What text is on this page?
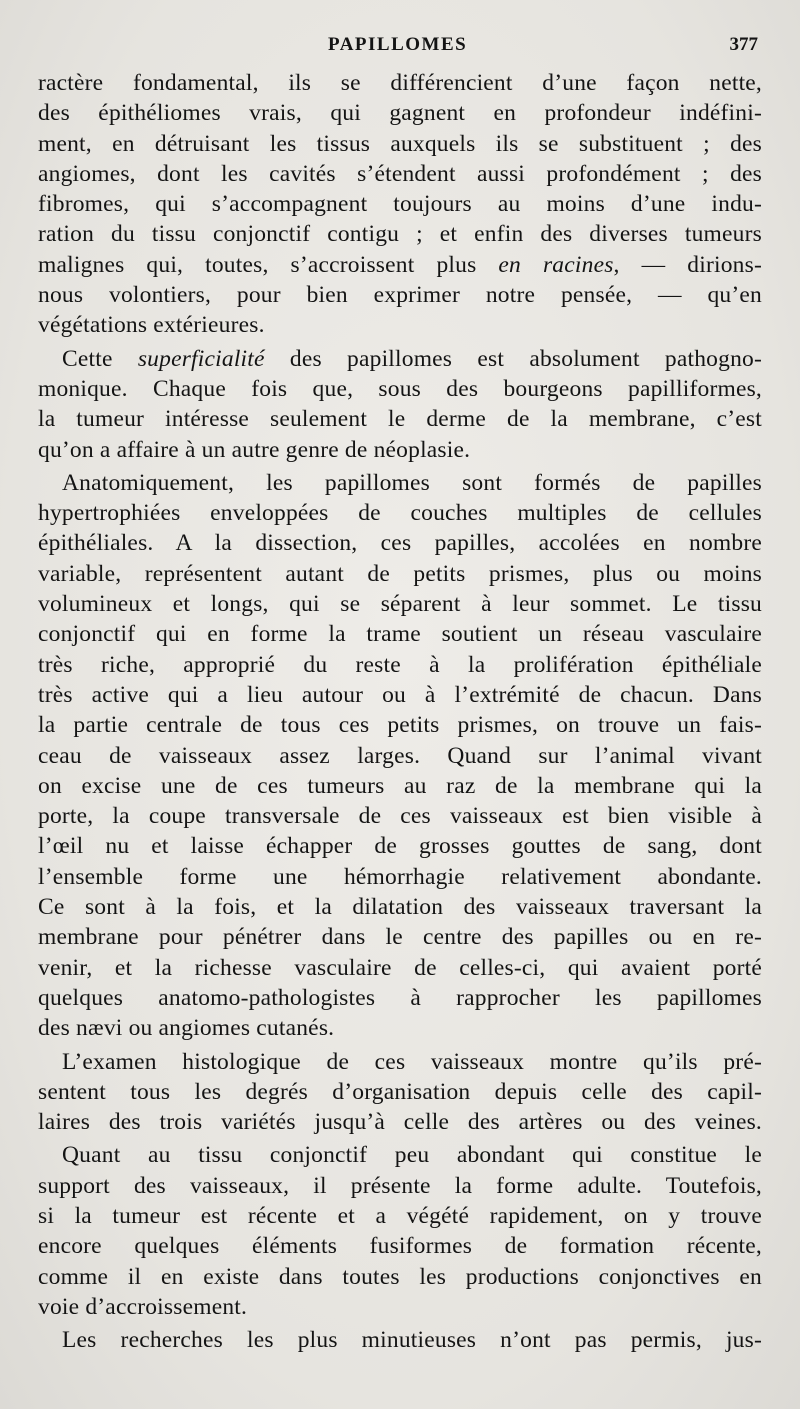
PAPILLOMES	377
ractère fondamental, ils se différencient d’une façon nette,
des épithéliomes vrais, qui gagnent en profondeur indéfini-
ment, en détruisant les tissus auxquels ils se substituent ; des
angiomes, dont les cavités s’étendent aussi profondément ; des
fibromes, qui s’accompagnent toujours au moins d’une indu-
ration du tissu conjonctif contigu ; et enfin des diverses tumeurs
malignes qui, toutes, s’accroissent plus en racines, — dirions-
nous volontiers, pour bien exprimer notre pensée, — qu’en
végétations extérieures.
Cette superficialité des papillomes est absolument pathogno-
monique. Chaque fois que, sous des bourgeons papilliformes,
la tumeur intéresse seulement le derme de la membrane, c’est
qu’on a affaire à un autre genre de néoplasie.
Anatomiquement, les papillomes sont formés de papilles
hypertrophiées enveloppées de couches multiples de cellules
épithéliales. A la dissection, ces papilles, accolées en nombre
variable, représentent autant de petits prismes, plus ou moins
volumineux et longs, qui se séparent à leur sommet. Le tissu
conjonctif qui en forme la trame soutient un réseau vasculaire
très riche, approprié du reste à la prolifération épithéliale
très active qui a lieu autour ou à l’extrémité de chacun. Dans
la partie centrale de tous ces petits prismes, on trouve un fais-
ceau de vaisseaux assez larges. Quand sur l’animal vivant
on excise une de ces tumeurs au raz de la membrane qui la
porte, la coupe transversale de ces vaisseaux est bien visible à
l’œil nu et laisse échapper de grosses gouttes de sang, dont
l’ensemble forme une hémorrhagie relativement abondante.
Ce sont à la fois, et la dilatation des vaisseaux traversant la
membrane pour pénétrer dans le centre des papilles ou en re-
venir, et la richesse vasculaire de celles-ci, qui avaient porté
quelques anatomo-pathologistes à rapprocher les papillomes
des nævi ou angiomes cutanés.
L’examen histologique de ces vaisseaux montre qu’ils pré-
sentent tous les degrés d’organisation depuis celle des capil-
laires des trois variétés jusqu’à celle des artères ou des veines.
Quant au tissu conjonctif peu abondant qui constitue le
support des vaisseaux, il présente la forme adulte. Toutefois,
si la tumeur est récente et a végété rapidement, on y trouve
encore quelques éléments fusiformes de formation récente,
comme il en existe dans toutes les productions conjonctives en
voie d’accroissement.
Les recherches les plus minutieuses n’ont pas permis, jus-
